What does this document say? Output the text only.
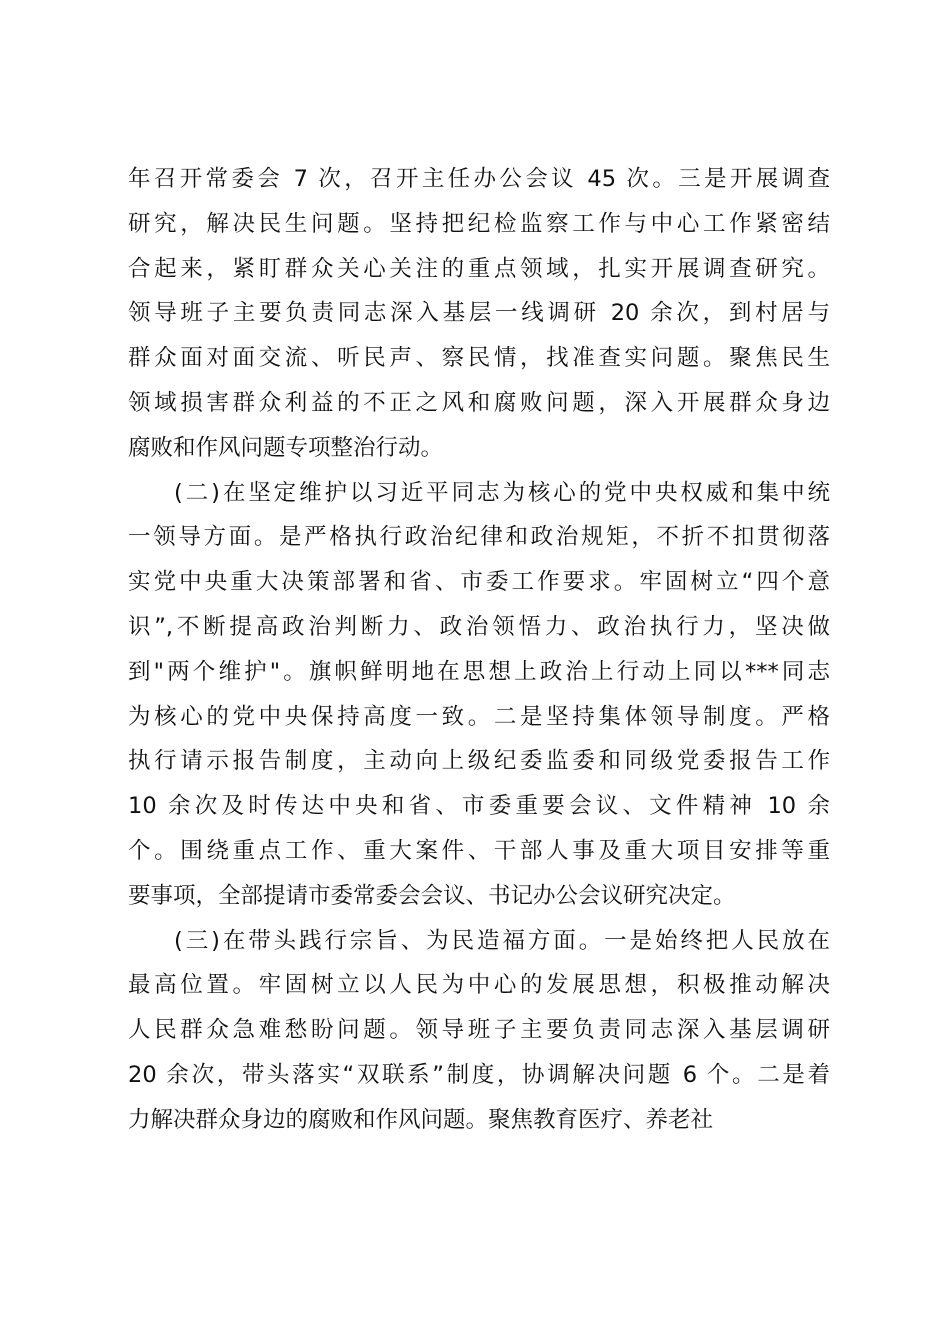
年召开常委会 7 次，召开主任办公会议 45 次。三是开展调查
研究，解决民生问题。坚持把纪检监察工作与中心工作紧密结
合起来，紧盯群众关心关注的重点领域，扎实开展调查研究。
领导班子主要负责同志深入基层一线调研 20 余次，到村居与
群众面对面交流、听民声、察民情，找准查实问题。聚焦民生
领域损害群众利益的不正之风和腐败问题，深入开展群众身边
腐败和作风问题专项整治行动。
(二)在坚定维护以习近平同志为核心的党中央权威和集中统
一领导方面。是严格执行政治纪律和政治规矩，不折不扣贯彻落
实党中央重大决策部署和省、市委工作要求。牢固树立“四个意
识”,不断提高政治判断力、政治领悟力、政治执行力，坚决做
到"两个维护"。旗帜鲜明地在思想上政治上行动上同以***同志
为核心的党中央保持高度一致。二是坚持集体领导制度。严格
执行请示报告制度，主动向上级纪委监委和同级党委报告工作
10 余次及时传达中央和省、市委重要会议、文件精神 10 余
个。围绕重点工作、重大案件、干部人事及重大项目安排等重
要事项，全部提请市委常委会会议、书记办公会议研究决定。
(三)在带头践行宗旨、为民造福方面。一是始终把人民放在
最高位置。牢固树立以人民为中心的发展思想，积极推动解决
人民群众急难愁盼问题。领导班子主要负责同志深入基层调研
20 余次，带头落实“双联系”制度，协调解决问题 6 个。二是着
力解决群众身边的腐败和作风问题。聚焦教育医疗、养老社
